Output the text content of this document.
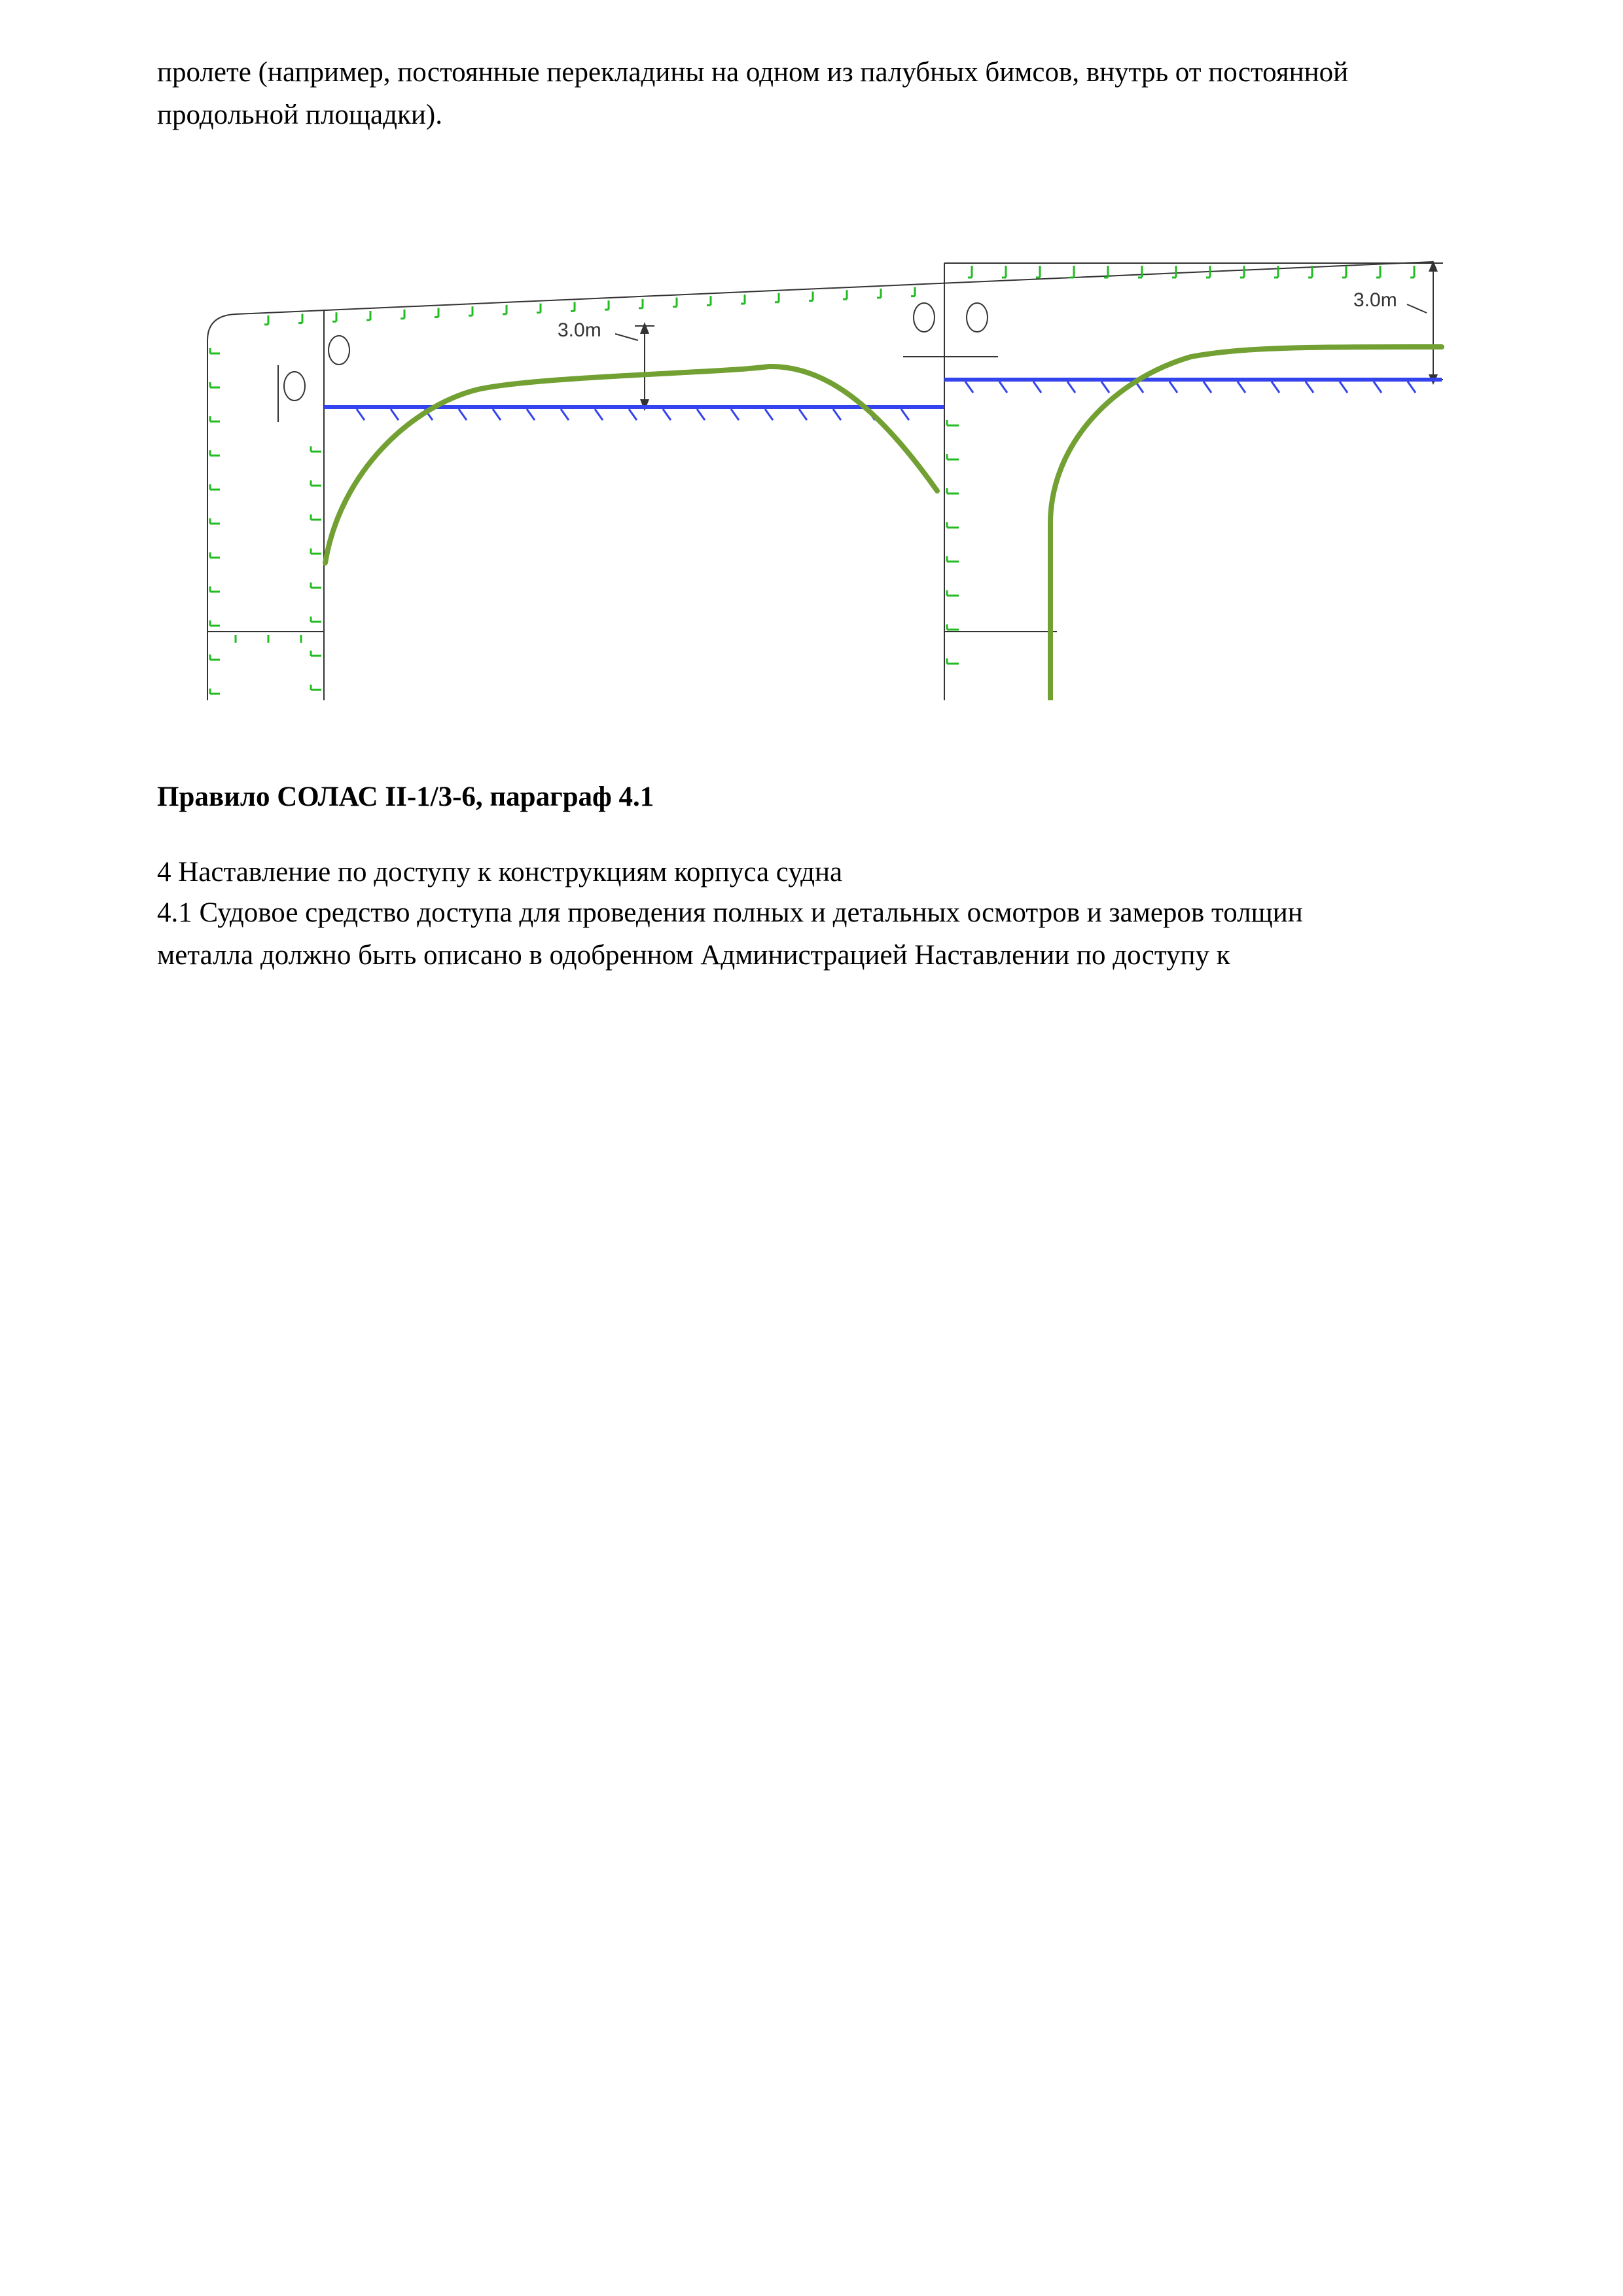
пролете (например, постоянные перекладины на одном из палубных бимсов, внутрь от постоянной
продольной площадки).

3.0m
3.0m

Правило СОЛАС II-1/3-6, параграф 4.1

4 Наставление по доступу к конструкциям корпуса судна

4.1 Судовое средство доступа для проведения полных и детальных осмотров и замеров толщин
металла должно быть описано в одобренном Администрацией Наставлении по доступу к
